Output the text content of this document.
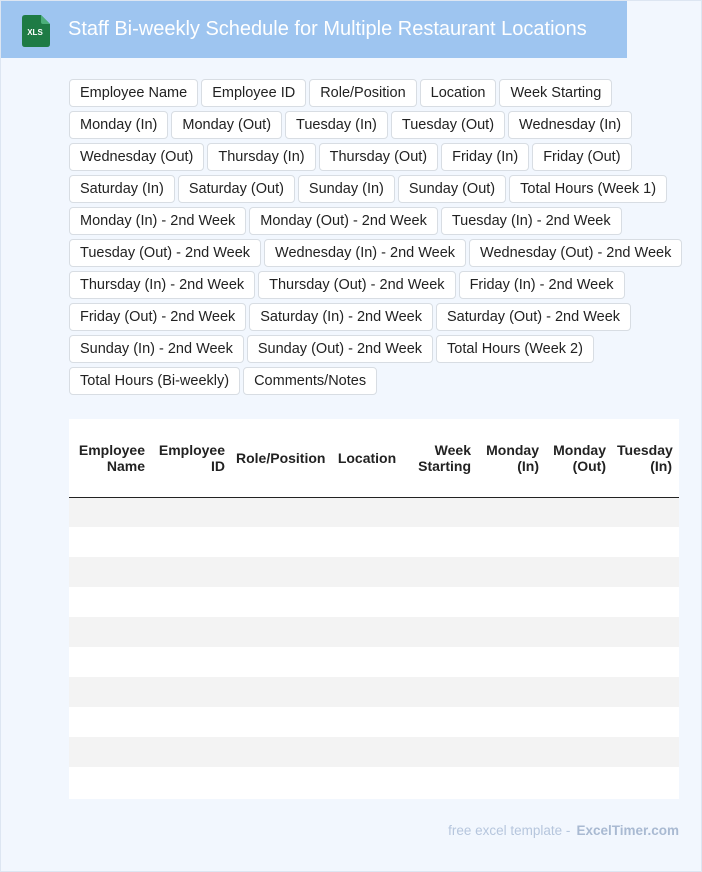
XLS Staff Bi-weekly Schedule for Multiple Restaurant Locations
Employee Name	Employee ID	Role/Position	Location	Week Starting
Monday (In)	Monday (Out)	Tuesday (In)	Tuesday (Out)	Wednesday (In)
Wednesday (Out)	Thursday (In)	Thursday (Out)	Friday (In)	Friday (Out)
Saturday (In)	Saturday (Out)	Sunday (In)	Sunday (Out)	Total Hours (Week 1)
Monday (In) - 2nd Week	Monday (Out) - 2nd Week	Tuesday (In) - 2nd Week
Tuesday (Out) - 2nd Week	Wednesday (In) - 2nd Week	Wednesday (Out) - 2nd Week
Thursday (In) - 2nd Week	Thursday (Out) - 2nd Week	Friday (In) - 2nd Week
Friday (Out) - 2nd Week	Saturday (In) - 2nd Week	Saturday (Out) - 2nd Week
Sunday (In) - 2nd Week	Sunday (Out) - 2nd Week	Total Hours (Week 2)
Total Hours (Bi-weekly)	Comments/Notes
Employee Name	Employee ID	Role/Position	Location	Week Starting	Monday (In)	Monday (Out)	Tuesday (In)

free excel template - ExcelTimer.com
